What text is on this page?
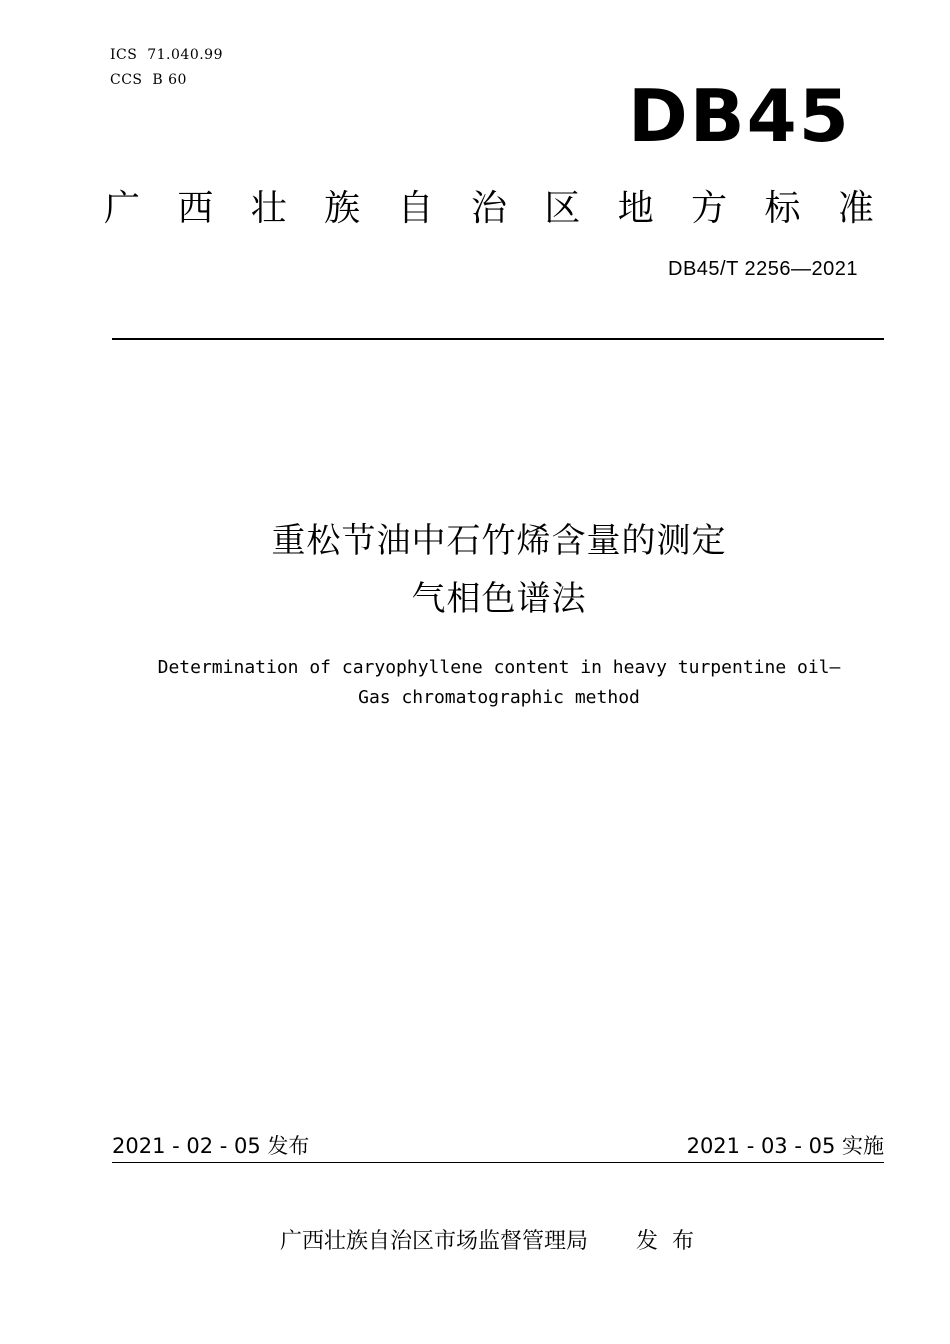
ICS  71.040.99
CCS  B 60	DB45
广 西 壮 族 自 治 区 地 方 标 准
DB45/T 2256—2021
重松节油中石竹烯含量的测定
气相色谱法
Determination of caryophyllene content in heavy turpentine oil—
Gas chromatographic method
2021 - 02 - 05 发布	2021 - 03 - 05 实施
广西壮族自治区市场监督管理局 发布
